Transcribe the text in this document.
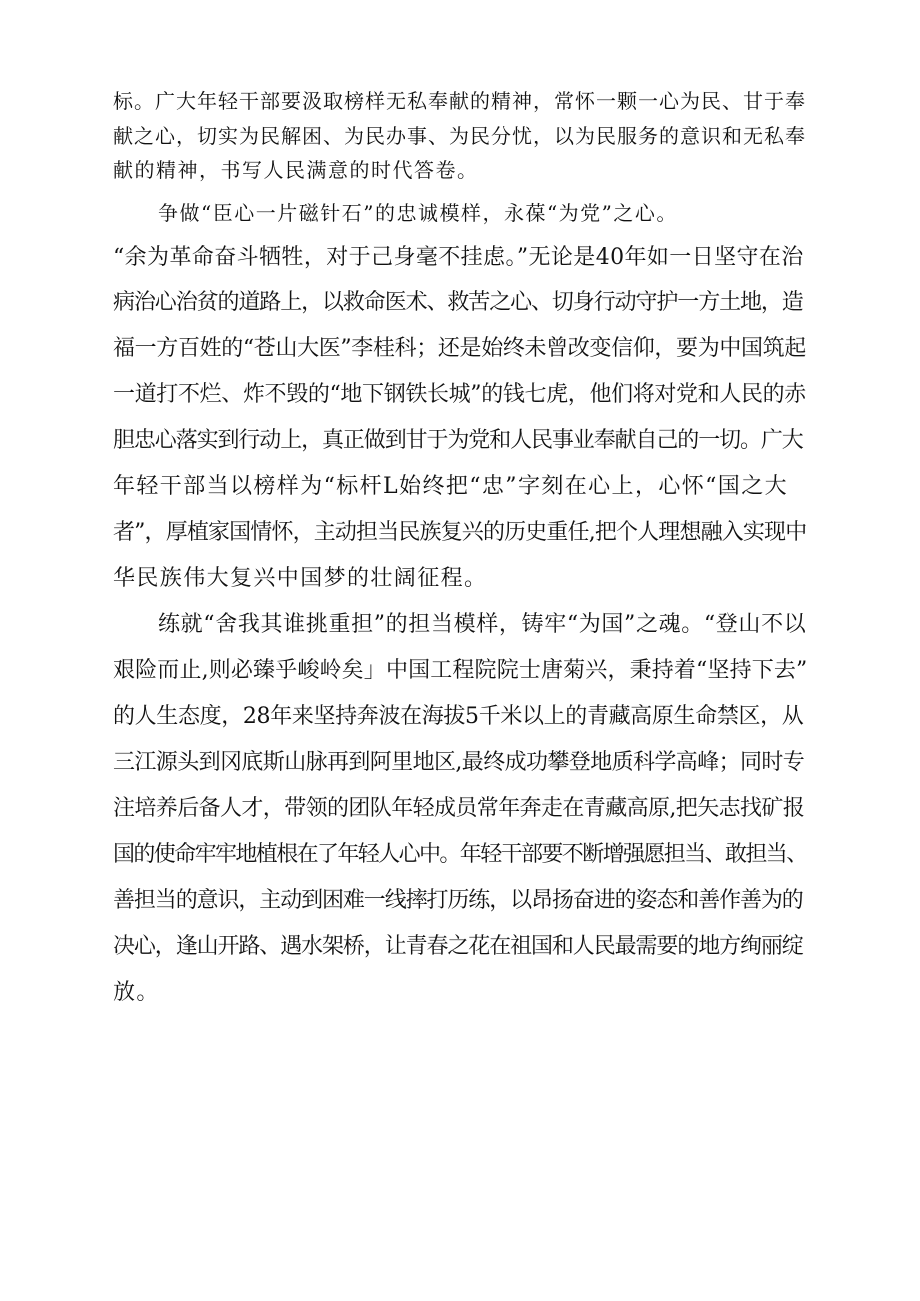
标。广大年轻干部要汲取榜样无私奉献的精神，常怀一颗一心为民、甘于奉

献之心，切实为民解困、为民办事、为民分忧，以为民服务的意识和无私奉

献的精神，书写人民满意的时代答卷。

争做“臣心一片磁针石”的忠诚模样，永葆“为党”之心。

“余为革命奋斗牺牲，对于己身毫不挂虑。”无论是40年如一日坚守在治

病治心治贫的道路上，以救命医术、救苦之心、切身行动守护一方土地，造

福一方百姓的“苍山大医”李桂科；还是始终未曾改变信仰，要为中国筑起

一道打不烂、炸不毁的“地下钢铁长城”的钱七虎，他们将对党和人民的赤

胆忠心落实到行动上，真正做到甘于为党和人民事业奉献自己的一切。广大

年轻干部当以榜样为“标杆L始终把“忠”字刻在心上，心怀“国之大

者”，厚植家国情怀，主动担当民族复兴的历史重任,把个人理想融入实现中

华民族伟大复兴中国梦的壮阔征程。

练就“舍我其谁挑重担”的担当模样，铸牢“为国”之魂。“登山不以

艰险而止,则必臻乎峻岭矣」中国工程院院士唐菊兴，秉持着“坚持下去”

的人生态度，28年来坚持奔波在海拔5千米以上的青藏高原生命禁区，从

三江源头到冈底斯山脉再到阿里地区,最终成功攀登地质科学高峰；同时专

注培养后备人才，带领的团队年轻成员常年奔走在青藏高原,把矢志找矿报

国的使命牢牢地植根在了年轻人心中。年轻干部要不断增强愿担当、敢担当、

善担当的意识，主动到困难一线摔打历练，以昂扬奋进的姿态和善作善为的

决心，逢山开路、遇水架桥，让青春之花在祖国和人民最需要的地方绚丽绽

放。
